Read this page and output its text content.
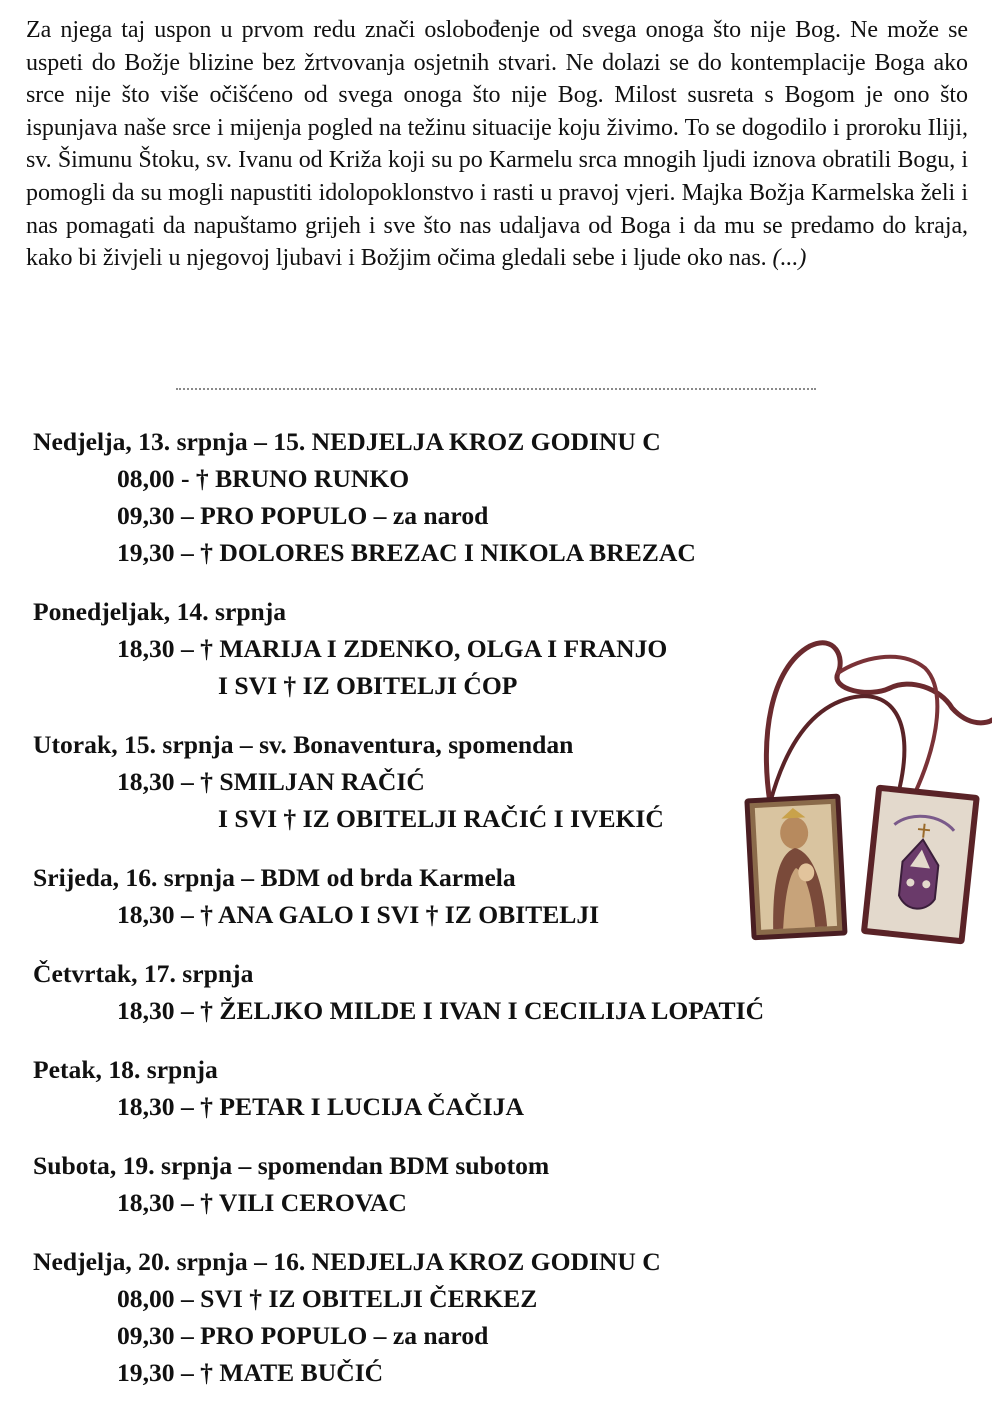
Za njega taj uspon u prvom redu znači oslobođenje od svega onoga što nije Bog. Ne može se uspeti do Božje blizine bez žrtvovanja osjetnih stvari. Ne dolazi se do kontemplacije Boga ako srce nije što više očišćeno od svega onoga što nije Bog. Milost susreta s Bogom je ono što ispunjava naše srce i mijenja pogled na težinu situacije koju živimo. To se dogodilo i proroku Iliji, sv. Šimunu Štoku, sv. Ivanu od Križa koji su po Karmelu srca mnogih ljudi iznova obratili Bogu, i pomogli da su mogli napustiti idolopoklonstvo i rasti u pravoj vjeri. Majka Božja Karmelska želi i nas pomagati da napuštamo grijeh i sve što nas udaljava od Boga i da mu se predamo do kraja, kako bi živjeli u njegovoj ljubavi i Božjim očima gledali sebe i ljude oko nas. (...)

Nedjelja, 13. srpnja – 15. NEDJELJA KROZ GODINU C
08,00 - † BRUNO RUNKO
09,30 – PRO POPULO – za narod
19,30 – † DOLORES BREZAC I NIKOLA BREZAC
Ponedjeljak, 14. srpnja
18,30 – † MARIJA I ZDENKO, OLGA I FRANJO
I SVI † IZ OBITELJI ĆOP
Utorak, 15. srpnja – sv. Bonaventura, spomendan
18,30 – † SMILJAN RAČIĆ
I SVI † IZ OBITELJI RAČIĆ I IVEKIĆ
Srijeda, 16. srpnja – BDM od brda Karmela
18,30 – † ANA GALO I SVI † IZ OBITELJI
Četvrtak, 17. srpnja
18,30 – † ŽELJKO MILDE I IVAN I CECILIJA LOPATIĆ
Petak, 18. srpnja
18,30 – † PETAR I LUCIJA ČAČIJA
Subota, 19. srpnja – spomendan BDM subotom
18,30 – † VILI CEROVAC
Nedjelja, 20. srpnja – 16. NEDJELJA KROZ GODINU C
08,00 – SVI † IZ OBITELJI ČERKEZ
09,30 – PRO POPULO – za narod
19,30 – † MATE BUČIĆ
